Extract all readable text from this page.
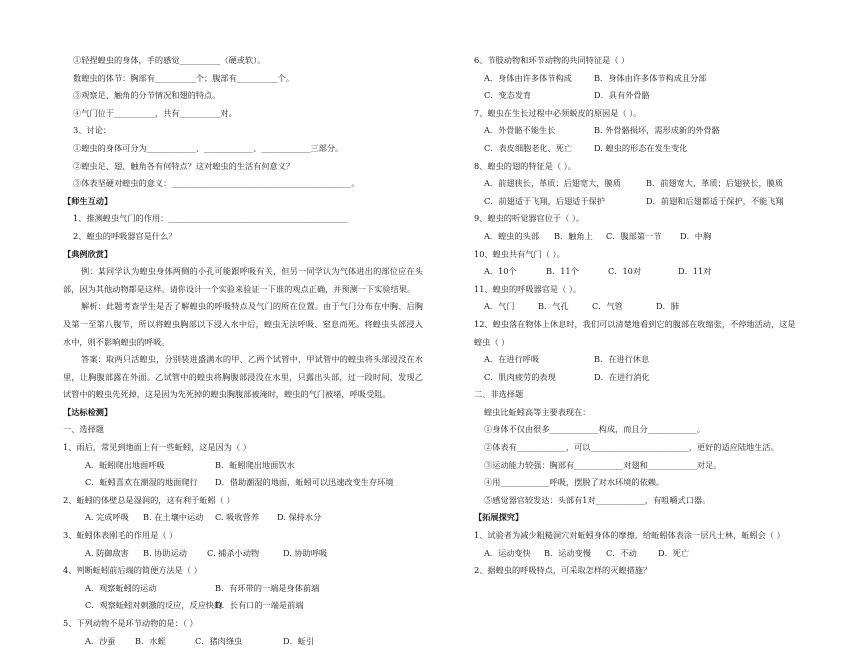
①轻捏蝗虫的身体，手的感觉__________（硬或软）。
数蝗虫的体节：胸部有__________个；腹部有__________个。
③观察足、触角的分节情况和翅的特点。
④气门位于__________，共有__________对。
3、讨论：
①蝗虫的身体可分为____________、____________、____________三部分。
②蝗虫足、翅、触角各有何特点？这对蝗虫的生活有何意义？
③体表坚硬对蝗虫的意义：____________________________________________。
【师生互动】
1、推测蝗虫气门的作用：____________________________________________
2、蝗虫的呼吸器官是什么？
【典例欣赏】
例：某同学认为蝗虫身体两侧的小孔可能跟呼吸有关，但另一同学认为气体进出的部位应在头部，因为其他动物都是这样。请你设计一个实验来验证一下谁的观点正确，并预测一下实验结果。
解析：此题考查学生是否了解蝗虫的呼吸特点及气门的所在位置。由于气门分布在中胸、后胸及第一至第八腹节，所以将蝗虫胸部以下浸入水中后，蝗虫无法呼吸、窒息而死。将蝗虫头部浸入水中，则不影响蝗虫的呼吸。
答案：取两只活蝗虫，分别装进盛满水的甲、乙两个试管中，甲试管中的蝗虫将头部浸没在水里，让胸腹部露在外面。乙试管中的蝗虫将胸腹部浸没在水里，只露出头部，过一段时间，发现乙试管中的蝗虫先死掉，这是因为先死掉的蝗虫胸腹部被淹时，蝗虫的气门被堵，呼吸受阻。
【达标检测】
一、选择题
1、雨后，常见到地面上有一些蚯蚓，这是因为（ ）
A．蚯蚓爬出地面呼吸	B．蚯蚓爬出地面饮水
C．蚯蚓喜欢在潮湿的地面爬行	D．借助潮湿的地面，蚯蚓可以迅速改变生存环境
2、蚯蚓的体壁总是湿润的，这有利于蚯蚓（ ）
A. 完成呼吸	B. 在土壤中运动	C. 吸收营养	D. 保持水分
3、蚯蚓体表刚毛的作用是（ ）
A. 防御敌害	B. 协助运动	C. 捕杀小动物	D. 协助呼吸
4、判断蚯蚓前后端的简便方法是（ ）
A．观察蚯蚓的运动	B．有环带的一端是身体前端
C．观察蚯蚓对刺激的反应，反应快的
D．长有口的一端是前端
5、下列动物不是环节动物的是：（ ）
A．沙蚕	B．水蛭	C．猪肉绦虫	D．蚯引
6、节肢动物和环节动物的共同特征是（ ）
A．身体由许多体节构成	B．身体由许多体节构成且分部
C．变态发育	D．具有外骨骼
7、蝗虫在生长过程中必须蜕皮的原因是（ ）。
A．外骨骼不能生长	B. 外骨骼损坏，需形成新的外骨骼
C．表皮细胞老化、死亡	D. 蝗虫的形态在发生变化
8、蝗虫的翅的特征是（ ）。
A．前翅狭长，革质；后翅宽大，膜质	B．前翅宽大，革质；后翅狭长，膜质
C．前翅适于飞翔，后翅适于保护	D．前翅和后翅都适于保护，不能飞翔
9、蝗虫的听觉器官位于（ ）。
A．蝗虫的头部	B．触角上	C．腹部第一节	D．中胸
10、蝗虫共有气门（ ）。
A．10个	B．11个	C．10对	D．11对
11、蝗虫的呼吸器官是（ ）。
A．气门	B．气孔	C．气管	D．肺
12、蝗虫落在物体上休息时，我们可以清楚地看到它的腹部在收缩张，不停地活动，这是
蝗虫（ ）
A．在进行呼吸	B．在进行休息
C．肌肉疲劳的表现	D．在进行消化
二、非选择题
蝗虫比蚯蚓高等主要表现在：
①身体不仅由很多____________构成，而且分____________。
②体表有____________，可以________________________，更好的适应陆地生活。
③运动能力较强：胸部有____________对翅和____________对足。
④用____________呼吸，摆脱了对水环境的依赖。
⑤感觉器官较发达：头部有1对____________，有咀嚼式口器。
【拓展探究】
1、试验者为减少粗糙洞穴对蚯蚓身体的摩擦，给蚯蚓体表涂一层凡士林，蚯蚓会（ ）
A．运动变快	B．运动变慢	C．不动	D．死亡
2、据蝗虫的呼吸特点，可采取怎样的灭蝗措施？
